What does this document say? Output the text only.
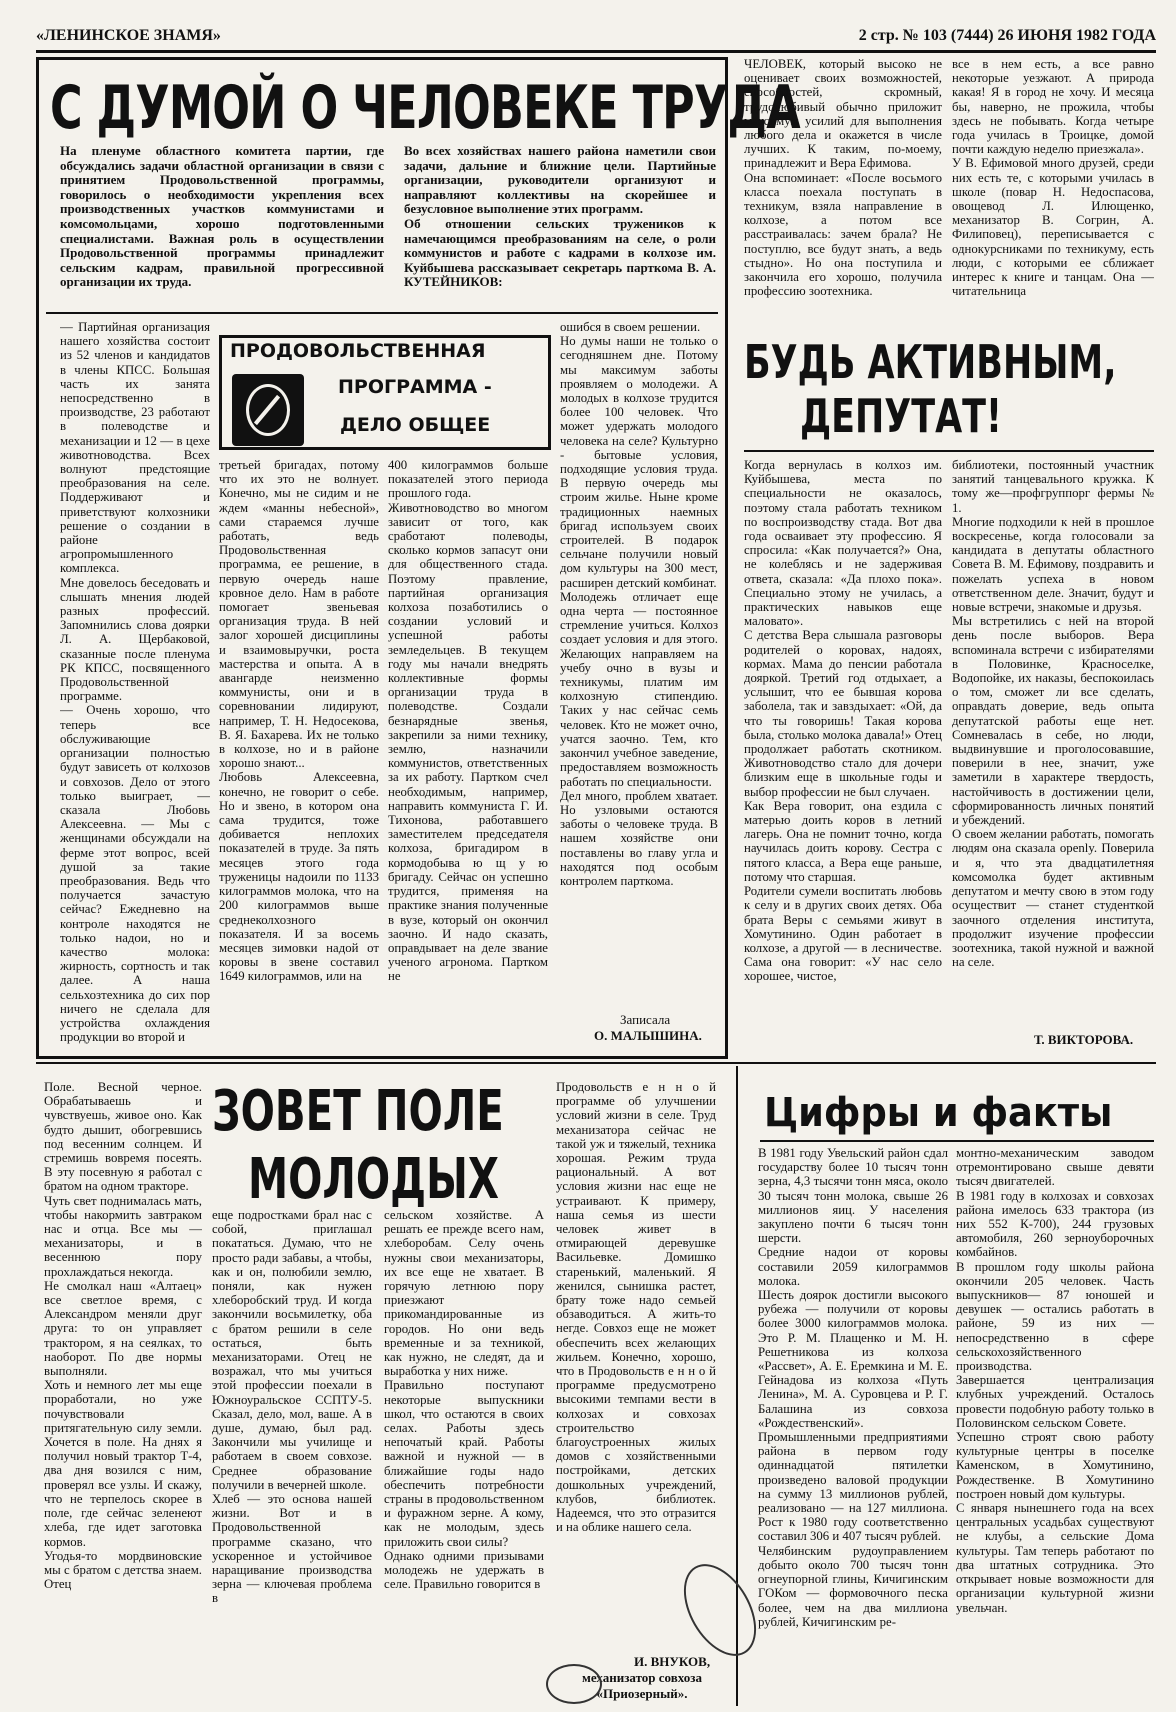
«ЛЕНИНСКОЕ ЗНАМЯ»	2 стр. № 103 (7444) 26 ИЮНЯ 1982 ГОДА
С ДУМОЙ О ЧЕЛОВЕКЕ ТРУДА
На пленуме областного комитета партии, где обсуждались задачи областной организации в связи с принятием Продовольственной программы, говорилось о необходимости укрепления всех производственных участков коммунистами и комсомольцами, хорошо подготовленными специалистами. Важная роль в осуществлении Продовольственной программы принадлежит сельским кадрам, правильной прогрессивной организации их труда.
Во всех хозяйствах нашего района наметили свои задачи, дальние и ближние цели. Партийные организации, руководители организуют и направляют коллективы на скорейшее и безусловное выполнение этих программ.
Об отношении сельских тружеников к намечающимся преобразованиям на селе, о роли коммунистов и работе с кадрами в колхозе им. Куйбышева рассказывает секретарь парткома В. А. КУТЕЙНИКОВ:
ПРОДОВОЛЬСТВЕННАЯ
ПРОГРАММА -
ДЕЛО ОБЩЕЕ
— Партийная организация нашего хозяйства состоит из 52 членов и кандидатов в члены КПСС. Большая часть их занята непосредственно в производстве, 23 работают в полеводстве и механизации и 12 — в цехе животноводства. Всех волнуют предстоящие преобразования на селе. Поддерживают и приветствуют колхозники решение о создании в районе агропромышленного комплекса.
Мне довелось беседовать и слышать мнения людей разных профессий. Запомнились слова доярки Л. А. Щербаковой, сказанные после пленума РК КПСС, посвященного Продовольственной программе.
— Очень хорошо, что теперь все обслуживающие организации полностью будут зависеть от колхозов и совхозов. Дело от этого только выиграет, — сказала Любовь Алексеевна. — Мы с женщинами обсуждали на ферме этот вопрос, всей душой за такие преобразования. Ведь что получается зачастую сейчас? Ежедневно на контроле находятся не только надои, но и качество молока: жирность, сортность и так далее. А наша сельхозтехника до сих пор ничего не сделала для устройства охлаждения продукции во второй и
третьей бригадах, потому что их это не волнует. Конечно, мы не сидим и не ждем «манны небесной», сами стараемся лучше работать, ведь Продовольственная программа, ее решение, в первую очередь наше кровное дело. Нам в работе помогает звеньевая организация труда. В ней залог хорошей дисциплины и взаимовыручки, роста мастерства и опыта. А в авангарде неизменно коммунисты, они и в соревновании лидируют, например, Т. Н. Недосекова, В. Я. Бахарева. Их не только в колхозе, но и в районе хорошо знают...
Любовь Алексеевна, конечно, не говорит о себе. Но и звено, в котором она сама трудится, тоже добивается неплохих показателей в труде. За пять месяцев этого года труженицы надоили по 1133 килограммов молока, что на 200 килограммов выше среднеколхозного показателя. И за восемь месяцев зимовки надой от коровы в звене составил 1649 килограммов, или на
400 килограммов больше показателей этого периода прошлого года.
Животноводство во многом зависит от того, как сработают полеводы, сколько кормов запасут они для общественного стада. Поэтому правление, партийная организация колхоза позаботились о создании условий и успешной работы земледельцев. В текущем году мы начали внедрять коллективные формы организации труда в полеводстве. Создали безнарядные звенья, закрепили за ними технику, землю, назначили коммунистов, ответственных за их работу. Партком счел необходимым, например, направить коммуниста Г. И. Тихонова, работавшего заместителем председателя колхоза, бригадиром в кормодобыва ю щ у ю бригаду. Сейчас он успешно трудится, применяя на практике знания полученные в вузе, который он окончил заочно. И надо сказать, оправдывает на деле звание ученого агронома. Партком не
ошибся в своем решении.
Но думы наши не только о сегодняшнем дне. Потому мы максимум заботы проявляем о молодежи. А молодых в колхозе трудится более 100 человек. Что может удержать молодого человека на селе? Культурно - бытовые условия, подходящие условия труда. В первую очередь мы строим жилье. Ныне кроме традиционных наемных бригад используем своих строителей. В подарок сельчане получили новый дом культуры на 300 мест, расширен детский комбинат.
Молодежь отличает еще одна черта — постоянное стремление учиться. Колхоз создает условия и для этого. Желающих направляем на учебу очно в вузы и техникумы, платим им колхозную стипендию. Таких у нас сейчас семь человек. Кто не может очно, учатся заочно. Тем, кто закончил учебное заведение, предоставляем возможность работать по специальности.
Дел много, проблем хватает. Но узловыми остаются заботы о человеке труда. В нашем хозяйстве они поставлены во главу угла и находятся под особым контролем парткома.
Записала
О. МАЛЫШИНА.
ЧЕЛОВЕК, который высоко не оценивает своих возможностей, способностей, скромный, трудолюбивый обычно приложит максимум усилий для выполнения любого дела и окажется в числе лучших. К таким, по-моему, принадлежит и Вера Ефимова.
Она вспоминает: «После восьмого класса поехала поступать в техникум, взяла направление в колхозе, а потом все расстраивалась: зачем брала? Не поступлю, все будут знать, а ведь стыдно». Но она поступила и закончила его хорошо, получила профессию зоотехника.
все в нем есть, а все равно некоторые уезжают. А природа какая! Я в город не хочу. И месяца бы, наверно, не прожила, чтобы здесь не побывать. Когда четыре года училась в Троицке, домой почти каждую неделю приезжала».
У В. Ефимовой много друзей, среди них есть те, с которыми училась в школе (повар Н. Недоспасова, овощевод Л. Илющенко, механизатор В. Согрин, А. Филиповец), переписывается с однокурсниками по техникуму, есть люди, с которыми ее сближает интерес к книге и танцам. Она — читательница
БУДЬ АКТИВНЫМ,
ДЕПУТАТ!
Когда вернулась в колхоз им. Куйбышева, места по специальности не оказалось, поэтому стала работать техником по воспроизводству стада. Вот два года осваивает эту профессию. Я спросила: «Как получается?» Она, не колеблясь и не задерживая ответа, сказала: «Да плохо пока». Специально этому не училась, а практических навыков еще маловато».
С детства Вера слышала разговоры родителей о коровах, надоях, кормах. Мама до пенсии работала дояркой. Третий год отдыхает, а услышит, что ее бывшая корова заболела, так и завздыхает: «Ой, да что ты говоришь! Такая корова была, столько молока давала!» Отец продолжает работать скотником. Животноводство стало для дочери близким еще в школьные годы и выбор профессии не был случаен.
Как Вера говорит, она ездила с матерью доить коров в летний лагерь. Она не помнит точно, когда научилась доить корову. Сестра с пятого класса, а Вера еще раньше, потому что старшая.
Родители сумели воспитать любовь к селу и в других своих детях. Оба брата Веры с семьями живут в Хомутинино. Один работает в колхозе, а другой — в лесничестве. Сама она говорит: «У нас село хорошее, чистое,
библиотеки, постоянный участник занятий танцевального кружка. К тому же—профгруппорг фермы № 1.
Многие подходили к ней в прошлое воскресенье, когда голосовали за кандидата в депутаты областного Совета В. М. Ефимову, поздравить и пожелать успеха в новом ответственном деле. Значит, будут и новые встречи, знакомые и друзья.
Мы встретились с ней на второй день после выборов. Вера вспоминала встречи с избирателями в Половинке, Красноселке, Водопойке, их наказы, беспокоилась о том, сможет ли все сделать, оправдать доверие, ведь опыта депутатской работы еще нет. Сомневалась в себе, но люди, выдвинувшие и проголосовавшие, поверили в нее, значит, уже заметили в характере твердость, настойчивость в достижении цели, сформированность личных понятий и убеждений.
О своем желании работать, помогать людям она сказала openly. Поверила и я, что эта двадцатилетняя комсомолка будет активным депутатом и мечту свою в этом году осуществит — станет студенткой заочного отделения института, продолжит изучение профессии зоотехника, такой нужной и важной на селе.
Т. ВИКТОРОВА.
ЗОВЕТ ПОЛЕ
МОЛОДЫХ
Поле. Весной черное. Обрабатываешь и чувствуешь, живое оно. Как будто дышит, обогревшись под весенним солнцем. И стремишь вовремя посеять. В эту посевную я работал с братом на одном тракторе.
Чуть свет поднималась мать, чтобы накормить завтраком нас и отца. Все мы — механизаторы, и в весеннюю пору прохлаждаться некогда.
Не смолкал наш «Алтаец» все светлое время, с Александром меняли друг друга: то он управляет трактором, я на сеялках, то наоборот. По две нормы выполняли.
Хоть и немного лет мы еще проработали, но уже почувствовали притягательную силу земли. Хочется в поле. На днях я получил новый трактор Т-4, два дня возился с ним, проверял все узлы. И скажу, что не терпелось скорее в поле, где сейчас зеленеют хлеба, где идет заготовка кормов.
Угодья-то мордвиновские мы с братом с детства знаем. Отец
еще подростками брал нас с собой, приглашал покататься. Думаю, что не просто ради забавы, а чтобы, как и он, полюбили землю, поняли, как нужен хлеборобский труд. И когда закончили восьмилетку, оба с братом решили в селе остаться, быть механизаторами. Отец не возражал, что мы учиться этой профессии поехали в Южноуральское ССПТУ-5. Сказал, дело, мол, ваше. А в душе, думаю, был рад. Закончили мы училище и работаем в своем совхозе. Среднее образование получили в вечерней школе.
Хлеб — это основа нашей жизни. Вот и в Продовольственной программе сказано, что ускоренное и устойчивое наращивание производства зерна — ключевая проблема в
сельском хозяйстве. А решать ее прежде всего нам, хлеборобам. Селу очень нужны свои механизаторы, их все еще не хватает. В горячую летнюю пору приезжают прикомандированные из городов. Но они ведь временные и за техникой, как нужно, не следят, да и выработка у них ниже.
Правильно поступают некоторые выпускники школ, что остаются в своих селах. Работы здесь непочатый край. Работы важной и нужной — в ближайшие годы надо обеспечить потребности страны в продовольственном и фуражном зерне. А кому, как не молодым, здесь приложить свои силы?
Однако одними призывами молодежь не удержать в селе. Правильно говорится в
Продовольств е н н о й программе об улучшении условий жизни в селе. Труд механизатора сейчас не такой уж и тяжелый, техника хорошая. Режим труда рациональный. А вот условия жизни нас еще не устраивают. К примеру, наша семья из шести человек живет в отмирающей деревушке Васильевке. Домишко старенький, маленький. Я женился, сынишка растет, брату тоже надо семьей обзаводиться. А жить-то негде. Совхоз еще не может обеспечить всех желающих жильем. Конечно, хорошо, что в Продовольств е н н о й программе предусмотрено высокими темпами вести в колхозах и совхозах строительство благоустроенных жилых домов с хозяйственными постройками, детских дошкольных учреждений, клубов, библиотек. Надеемся, что это отразится и на облике нашего села.
И. ВНУКОВ,
механизатор совхоза «Приозерный».
Цифры и факты
В 1981 году Увельский район сдал государству более 10 тысяч тонн зерна, 4,3 тысячи тонн мяса, около 30 тысяч тонн молока, свыше 26 миллионов яиц. У населения закуплено почти 6 тысяч тонн шерсти.
Средние надои от коровы составили 2059 килограммов молока.
Шесть доярок достигли высокого рубежа — получили от коровы более 3000 килограммов молока. Это Р. М. Плащенко и М. Н. Решетникова из колхоза «Рассвет», А. Е. Еремкина и М. Е. Гейнадова из колхоза «Путь Ленина», М. А. Суровцева и Р. Г. Балашина из совхоза «Рождественский».
Промышленными предприятиями района в первом году одиннадцатой пятилетки произведено валовой продукции на сумму 13 миллионов рублей, реализовано — на 127 миллиона. Рост к 1980 году соответственно составил 306 и 407 тысяч рублей.
Челябинским рудоуправлением добыто около 700 тысяч тонн огнеупорной глины, Кичигинским ГОКом — формовочного песка более, чем на два миллиона рублей, Кичигинским ре-
монтно-механическим заводом отремонтировано свыше девяти тысяч двигателей.
В 1981 году в колхозах и совхозах района имелось 633 трактора (из них 552 К-700), 244 грузовых автомобиля, 260 зерноуборочных комбайнов.
В прошлом году школы района окончили 205 человек. Часть выпускников— 87 юношей и девушек — остались работать в районе, 59 из них — непосредственно в сфере сельскохозяйственного производства.
Завершается централизация клубных учреждений. Осталось провести подобную работу только в Половинском сельском Совете.
Успешно строят свою работу культурные центры в поселке Каменском, в Хомутинино, Рождественке. В Хомутинино построен новый дом культуры.
С января нынешнего года на всех центральных усадьбах существуют не клубы, а сельские Дома культуры. Там теперь работают по два штатных сотрудника. Это открывает новые возможности для организации культурной жизни увельчан.
